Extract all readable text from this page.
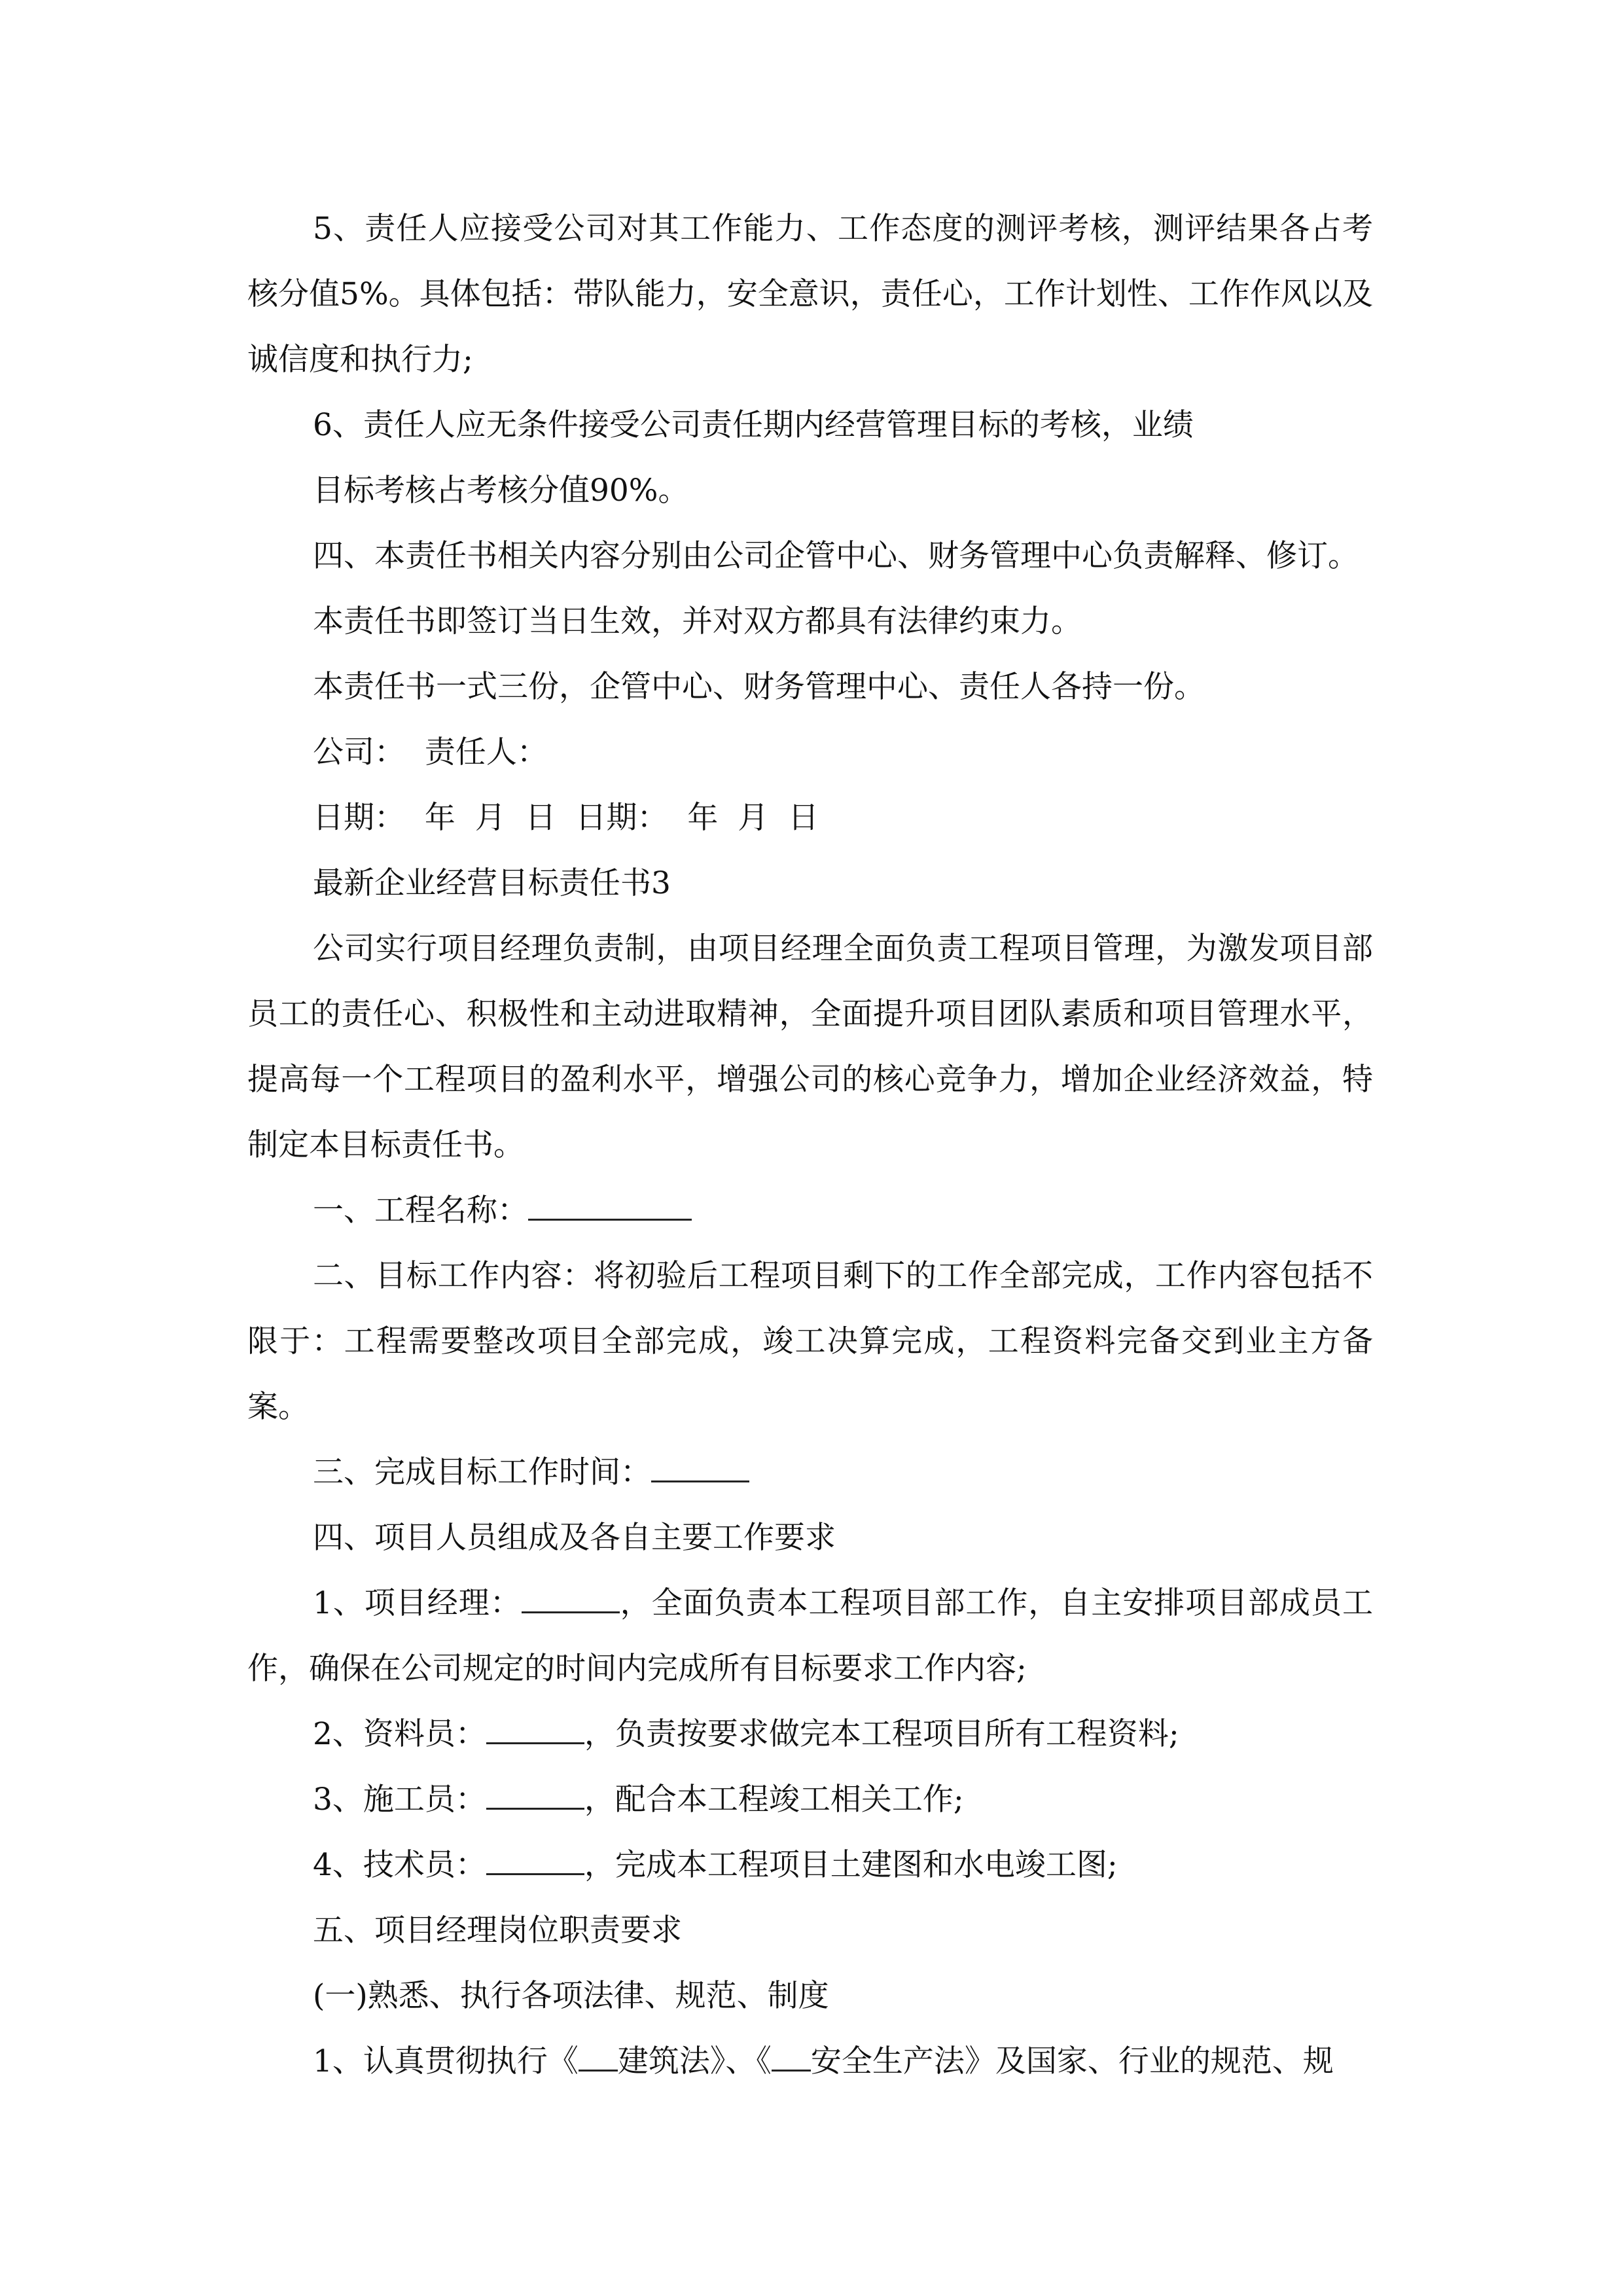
5、责任人应接受公司对其工作能力、工作态度的测评考核，测评结果各占考核分值5%。具体包括：带队能力，安全意识，责任心，工作计划性、工作作风以及诚信度和执行力;

6、责任人应无条件接受公司责任期内经营管理目标的考核，业绩

目标考核占考核分值90%。

四、本责任书相关内容分别由公司企管中心、财务管理中心负责解释、修订。

本责任书即签订当日生效，并对双方都具有法律约束力。

本责任书一式三份，企管中心、财务管理中心、责任人各持一份。

公司：  责任人：

日期：  年  月  日  日期：  年  月  日

最新企业经营目标责任书3

公司实行项目经理负责制，由项目经理全面负责工程项目管理，为激发项目部员工的责任心、积极性和主动进取精神，全面提升项目团队素质和项目管理水平，提高每一个工程项目的盈利水平，增强公司的核心竞争力，增加企业经济效益，特制定本目标责任书。

一、工程名称：

二、目标工作内容：将初验后工程项目剩下的工作全部完成，工作内容包括不限于：工程需要整改项目全部完成，竣工决算完成，工程资料完备交到业主方备案。

三、完成目标工作时间：

四、项目人员组成及各自主要工作要求

1、项目经理：	，全面负责本工程项目部工作，自主安排项目部成员工作，确保在公司规定的时间内完成所有目标要求工作内容;

2、资料员：	，负责按要求做完本工程项目所有工程资料;

3、施工员：	，配合本工程竣工相关工作;

4、技术员：	，完成本工程项目土建图和水电竣工图;

五、项目经理岗位职责要求

(一)熟悉、执行各项法律、规范、制度

1、认真贯彻执行《 建筑法》、《 安全生产法》及国家、行业的规范、规
